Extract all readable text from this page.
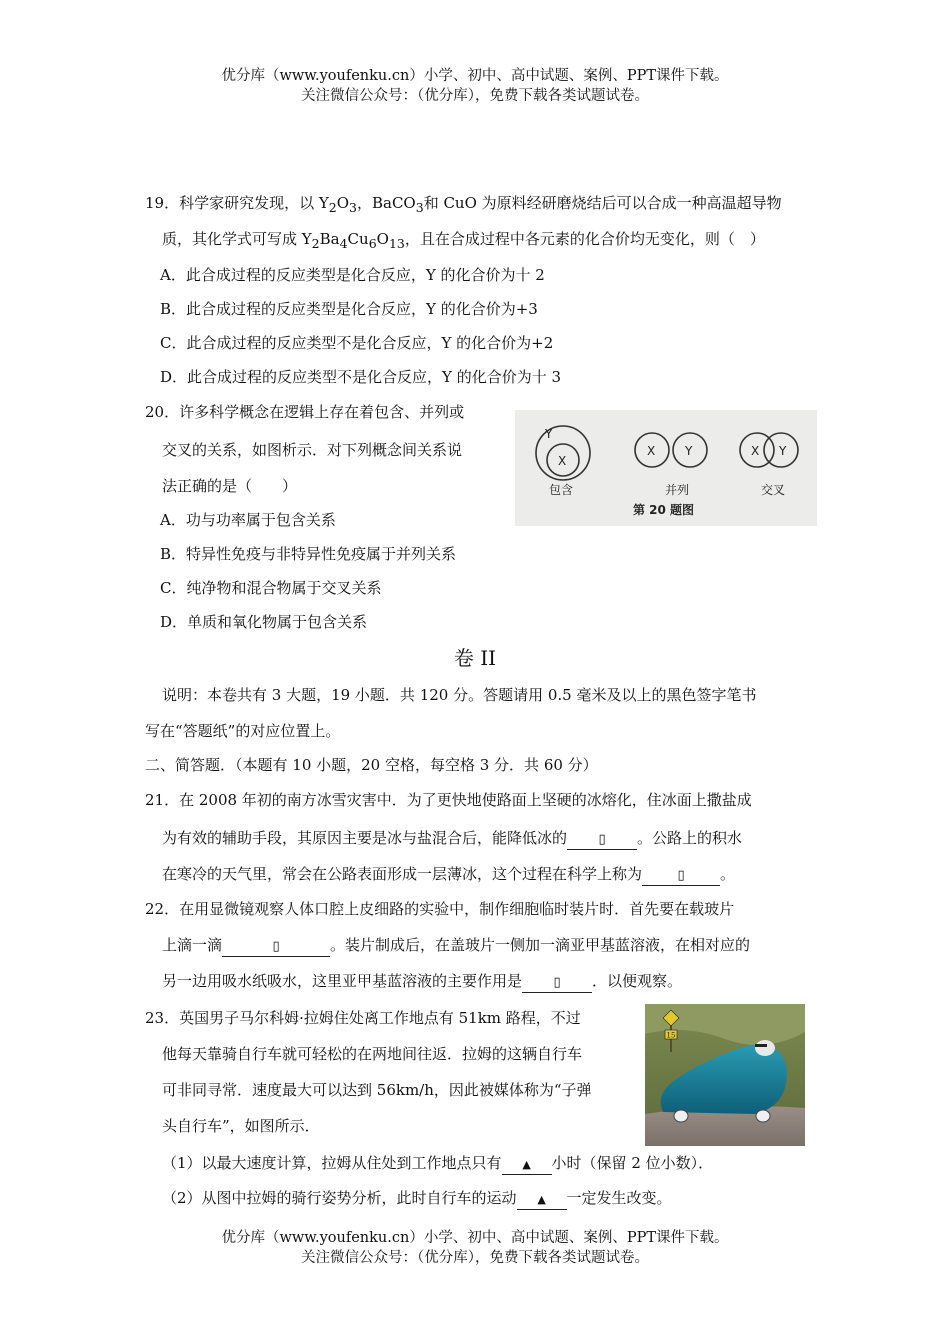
优分库（www.youfenku.cn）小学、初中、高中试题、案例、PPT课件下载。
关注微信公众号：（优分库），免费下载各类试题试卷。
19．科学家研究发现，以 $Y_2O_3$，BaCO$_3$和 CuO 为原料经研磨烧结后可以合成一种高温超导物
质，其化学式可写成 $Y_2Ba_4Cu_6O_{13}$，且在合成过程中各元素的化合价均无变化，则（　）
A．此合成过程的反应类型是化合反应，Y 的化合价为十 2
B．此合成过程的反应类型是化合反应，Y 的化合价为+3
C．此合成过程的反应类型不是化合反应，Y 的化合价为+2
D．此合成过程的反应类型不是化合反应，Y 的化合价为十 3
20．许多科学概念在逻辑上存在着包含、并列或
交叉的关系，如图析示．对下列概念间关系说
法正确的是（　　）
A．功与功率属于包含关系
B．特异性免疫与非特异性免疫属于并列关系
C．纯净物和混合物属于交叉关系
D．单质和氧化物属于包含关系
Y
X
包含
X Y
并列
X Y
交叉
第 20 题图
卷 II
说明：本卷共有 3 大题，19 小题．共 120 分。答题请用 0.5 毫米及以上的黑色签字笔书
写在“答题纸”的对应位置上。
二、简答题．（本题有 10 小题，20 空格，每空格 3 分．共 60 分）
21．在 2008 年初的南方冰雪灾害中．为了更快地使路面上坚硬的冰熔化，住冰面上撒盐成
为有效的辅助手段，其原因主要是冰与盐混合后，能降低冰的 ▯ 。公路上的积水
在寒冷的天气里，常会在公路表面形成一层薄冰，这个过程在科学上称为	▯ 。
22．在用显微镜观察人体口腔上皮细路的实验中，制作细胞临时装片时．首先要在载玻片
上滴一滴	▯	。装片制成后，在盖玻片一侧加一滴亚甲基蓝溶液，在相对应的
另一边用吸水纸吸水，这里亚甲基蓝溶液的主要作用是 ▯ ．以便观察。
23．英国男子马尔科姆·拉姆住处离工作地点有 51km 路程，不过
他每天靠骑自行车就可轻松的在两地间往返．拉姆的这辆自行车
可非同寻常．速度最大可以达到 56km/h，因此被媒体称为“子弹
头自行车”，如图所示．
（1）以最大速度计算，拉姆从住处到工作地点只有 ▲ 小时（保留 2 位小数）．
（2）从图中拉姆的骑行姿势分析，此时自行车的运动 ▲ 一定发生改变。
15
优分库（www.youfenku.cn）小学、初中、高中试题、案例、PPT课件下载。
关注微信公众号：（优分库），免费下载各类试题试卷。
